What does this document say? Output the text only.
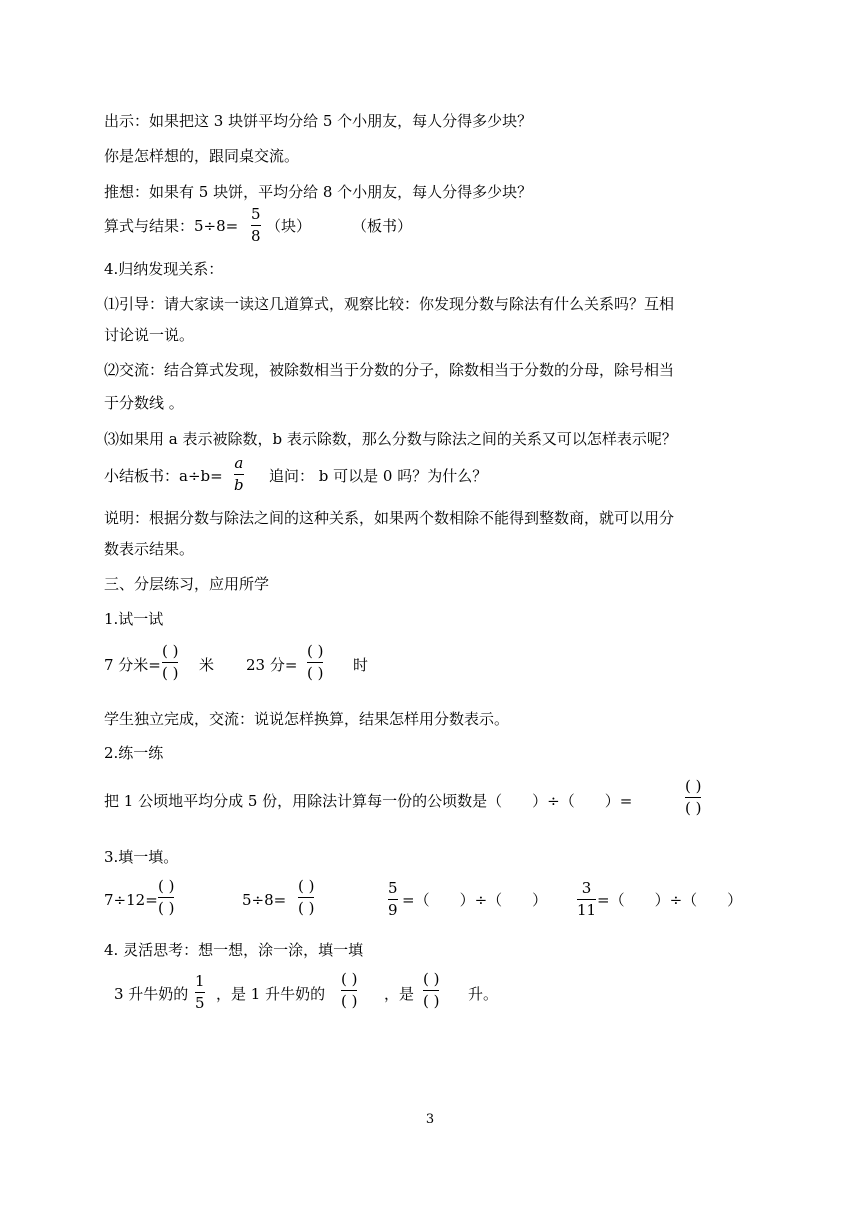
出示：如果把这 3 块饼平均分给 5 个小朋友，每人分得多少块？
你是怎样想的，跟同桌交流。
推想：如果有 5 块饼，平均分给 8 个小朋友，每人分得多少块？
算式与结果：5÷8=
5
8
（块）	（板书）
4.归纳发现关系：
⑴引导：请大家读一读这几道算式，观察比较：你发现分数与除法有什么关系吗？互相
讨论说一说。
⑵交流：结合算式发现，被除数相当于分数的分子，除数相当于分数的分母，除号相当
于分数线 。
⑶如果用 a 表示被除数，b 表示除数，那么分数与除法之间的关系又可以怎样表示呢？
小结板书：a÷b=
a
b 追问： b 可以是 0 吗？为什么？
说明：根据分数与除法之间的这种关系，如果两个数相除不能得到整数商，就可以用分
数表示结果。
三、分层练习，应用所学
1.试一试
7 分米=
( )
( ) 米 23 分=
( )
( ) 时
学生独立完成，交流：说说怎样换算，结果怎样用分数表示。
2.练一练
把 1 公顷地平均分成 5 份，用除法计算每一份的公顷数是（　　）÷（　　）=
( )
( )
3.填一填。
7÷12=
( )
( )	5÷8=
( )
( )
5
9
=（　　）÷（　　）
3
11
=（　　）÷（　　）
4. 灵活思考：想一想，涂一涂，填一填
3 升牛奶的
1
5 ，是 1 升牛奶的
( )
( ) ，是
( )
( ) 升。
3
